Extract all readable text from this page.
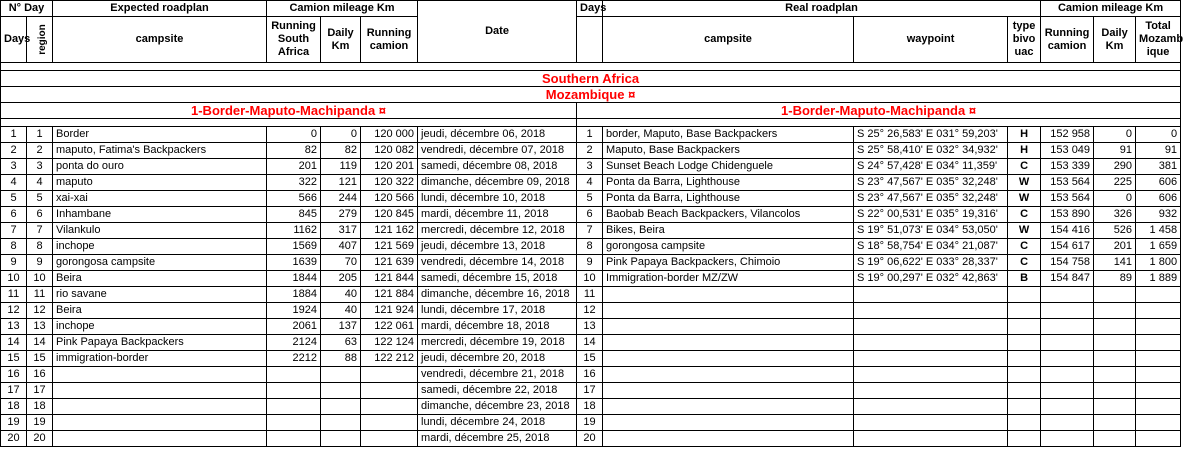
N° Day		Expected roadplan	Camion mileage Km			Date	Days	Real roadplan			Camion mileage Km		
Days	region	campsite	Running South Africa	Daily Km	Running camion			campsite	waypoint	type bivo uac	Running camion	Daily Km	Total Mozamb ique

Southern Africa													
Mozambique ¤													
1-Border-Maputo-Machipanda ¤							1-Border-Maputo-Machipanda ¤						

1	1	Border	0	0	120 000	jeudi, décembre 06, 2018	1	border, Maputo, Base Backpackers	S 25° 26,583' E 031° 59,203'	H	152 958	0	0
2	2	maputo, Fatima's Backpackers	82	82	120 082	vendredi, décembre 07, 2018	2	Maputo, Base Backpackers	S 25° 58,410' E 032° 34,932'	H	153 049	91	91
3	3	ponta do ouro	201	119	120 201	samedi, décembre 08, 2018	3	Sunset Beach Lodge Chidenguele	S 24° 57,428' E 034° 11,359'	C	153 339	290	381
4	4	maputo	322	121	120 322	dimanche, décembre 09, 2018	4	Ponta da Barra, Lighthouse	S 23° 47,567' E 035° 32,248'	W	153 564	225	606
5	5	xai-xai	566	244	120 566	lundi, décembre 10, 2018	5	Ponta da Barra, Lighthouse	S 23° 47,567' E 035° 32,248'	W	153 564	0	606
6	6	Inhambane	845	279	120 845	mardi, décembre 11, 2018	6	Baobab Beach Backpackers, Vilancolos	S 22° 00,531' E 035° 19,316'	C	153 890	326	932
7	7	Vilankulo	1162	317	121 162	mercredi, décembre 12, 2018	7	Bikes, Beira	S 19° 51,073' E 034° 53,050'	W	154 416	526	1 458
8	8	inchope	1569	407	121 569	jeudi, décembre 13, 2018	8	gorongosa campsite	S 18° 58,754' E 034° 21,087'	C	154 617	201	1 659
9	9	gorongosa campsite	1639	70	121 639	vendredi, décembre 14, 2018	9	Pink Papaya Backpackers, Chimoio	S 19° 06,622' E 033° 28,337'	C	154 758	141	1 800
10	10	Beira	1844	205	121 844	samedi, décembre 15, 2018	10	Immigration-border MZ/ZW	S 19° 00,297' E 032° 42,863'	B	154 847	89	1 889
11	11	rio savane	1884	40	121 884	dimanche, décembre 16, 2018	11						
12	12	Beira	1924	40	121 924	lundi, décembre 17, 2018	12						
13	13	inchope	2061	137	122 061	mardi, décembre 18, 2018	13						
14	14	Pink Papaya Backpackers	2124	63	122 124	mercredi, décembre 19, 2018	14						
15	15	immigration-border	2212	88	122 212	jeudi, décembre 20, 2018	15						
16	16					vendredi, décembre 21, 2018	16						
17	17					samedi, décembre 22, 2018	17						
18	18					dimanche, décembre 23, 2018	18						
19	19					lundi, décembre 24, 2018	19						
20	20					mardi, décembre 25, 2018	20						
